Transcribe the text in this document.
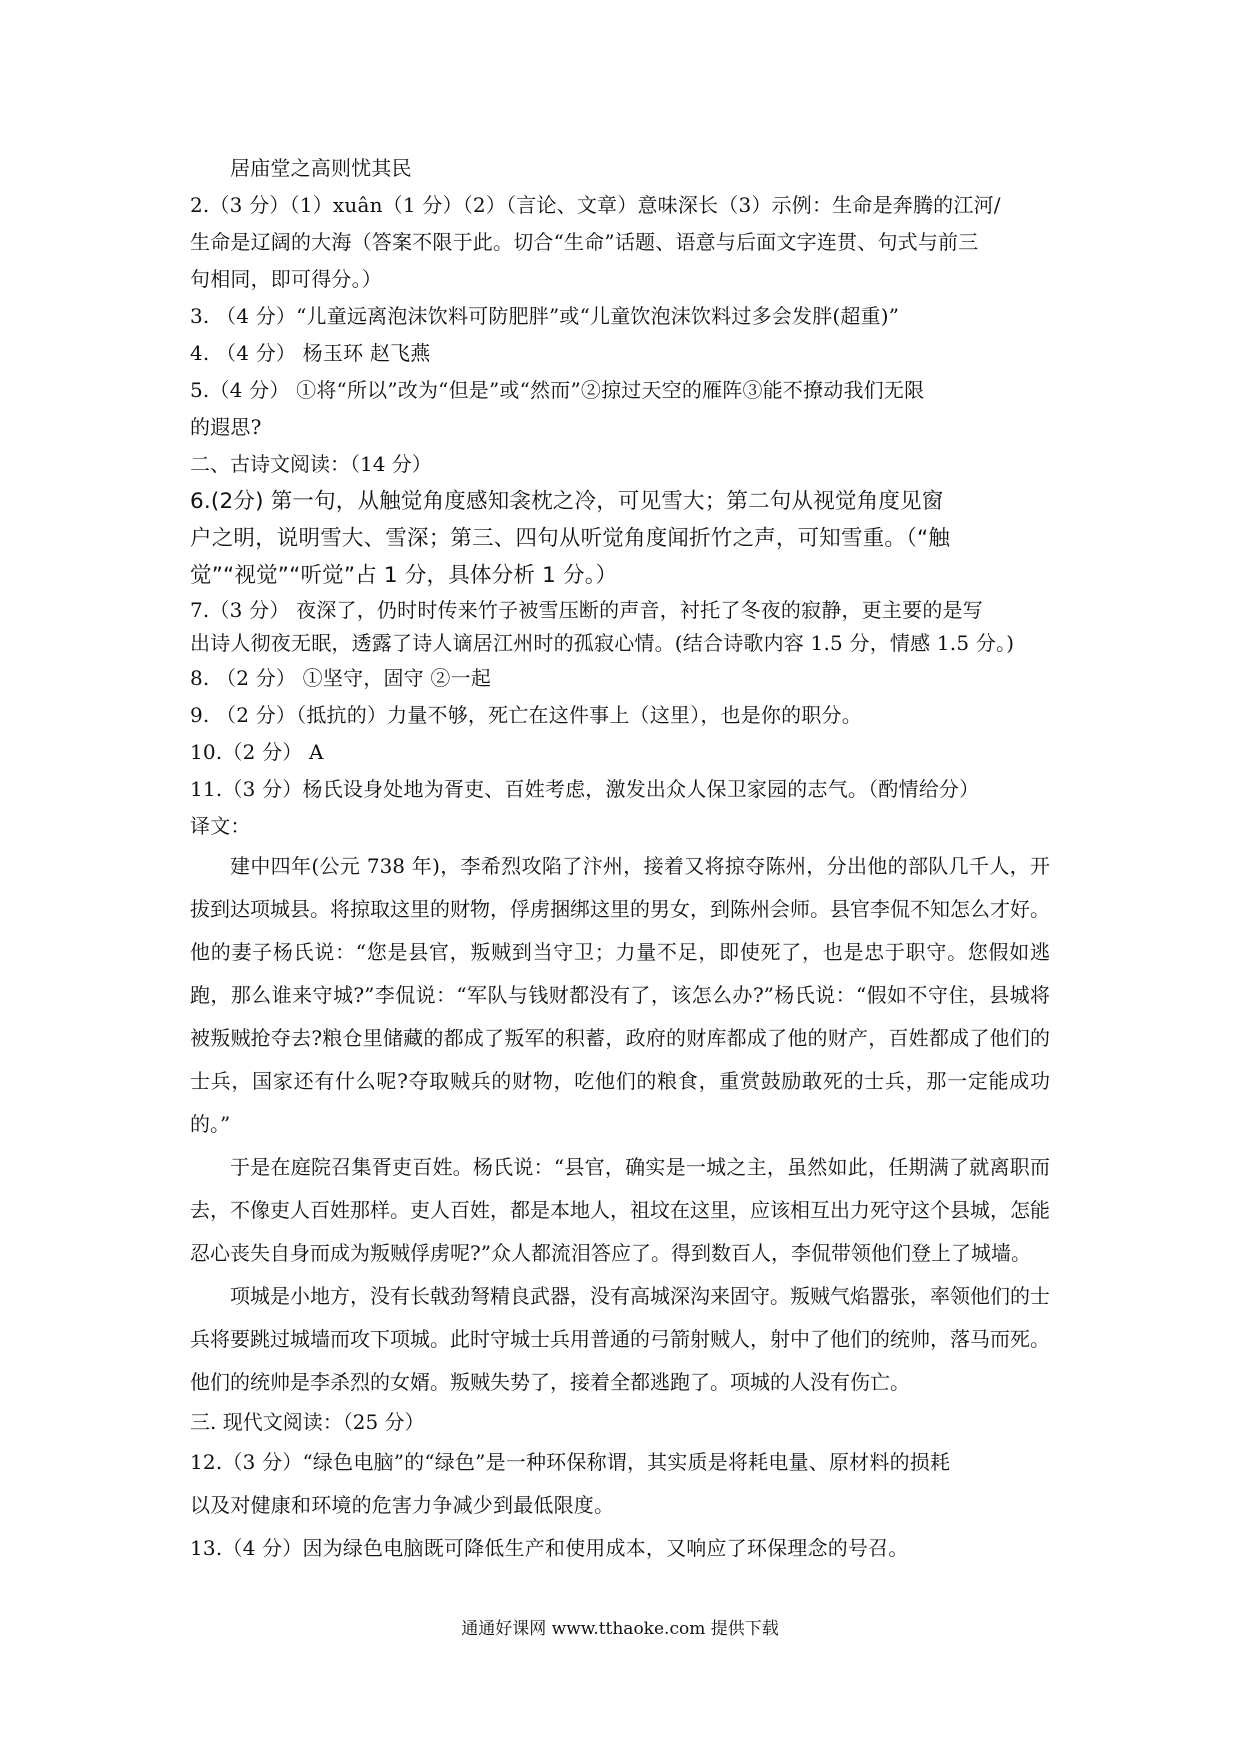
居庙堂之高则忧其民
2.（3 分）（1）xuân（1 分）（2）（言论、文章）意味深长（3）示例：生命是奔腾的江河/
生命是辽阔的大海（答案不限于此。切合“生命”话题、语意与后面文字连贯、句式与前三
句相同，即可得分。）
3. （4 分）“儿童远离泡沫饮料可防肥胖”或“儿童饮泡沫饮料过多会发胖(超重)”
4. （4 分） 杨玉环 赵飞燕
5.（4 分） ①将“所以”改为“但是”或“然而”②掠过天空的雁阵③能不撩动我们无限
的遐思?
二、古诗文阅读：（14 分）
6.(2分) 第一句，从触觉角度感知衾枕之冷，可见雪大；第二句从视觉角度见窗
户之明，说明雪大、雪深；第三、四句从听觉角度闻折竹之声，可知雪重。（“触
觉”“视觉”“听觉”占 1 分，具体分析 1 分。）
7.（3 分） 夜深了，仍时时传来竹子被雪压断的声音，衬托了冬夜的寂静，更主要的是写
出诗人彻夜无眠，透露了诗人谪居江州时的孤寂心情。(结合诗歌内容 1.5 分，情感 1.5 分。)
8. （2 分） ①坚守，固守 ②一起
9. （2 分）（抵抗的）力量不够，死亡在这件事上（这里），也是你的职分。
10.（2 分） A
11.（3 分）杨氏设身处地为胥吏、百姓考虑，激发出众人保卫家园的志气。（酌情给分）
译文：
建中四年(公元 738 年)，李希烈攻陷了汴州，接着又将掠夺陈州，分出他的部队几千人，开拔到达项城县。将掠取这里的财物，俘虏捆绑这里的男女，到陈州会师。县官李侃不知怎么才好。他的妻子杨氏说：“您是县官，叛贼到当守卫；力量不足，即使死了，也是忠于职守。您假如逃跑，那么谁来守城?”李侃说：“军队与钱财都没有了，该怎么办?”杨氏说：“假如不守住，县城将被叛贼抢夺去?粮仓里储藏的都成了叛军的积蓄，政府的财库都成了他的财产，百姓都成了他们的士兵，国家还有什么呢?夺取贼兵的财物，吃他们的粮食，重赏鼓励敢死的士兵，那一定能成功的。”
于是在庭院召集胥吏百姓。杨氏说：“县官，确实是一城之主，虽然如此，任期满了就离职而去，不像吏人百姓那样。吏人百姓，都是本地人，祖坟在这里，应该相互出力死守这个县城，怎能忍心丧失自身而成为叛贼俘虏呢?”众人都流泪答应了。得到数百人，李侃带领他们登上了城墙。
项城是小地方，没有长戟劲弩精良武器，没有高城深沟来固守。叛贼气焰嚣张，率领他们的士兵将要跳过城墙而攻下项城。此时守城士兵用普通的弓箭射贼人，射中了他们的统帅，落马而死。他们的统帅是李杀烈的女婿。叛贼失势了，接着全都逃跑了。项城的人没有伤亡。
三. 现代文阅读：（25 分）
12.（3 分）“绿色电脑”的“绿色”是一种环保称谓，其实质是将耗电量、原材料的损耗
以及对健康和环境的危害力争减少到最低限度。
13.（4 分）因为绿色电脑既可降低生产和使用成本，又响应了环保理念的号召。
通通好课网 www.tthaoke.com 提供下载
